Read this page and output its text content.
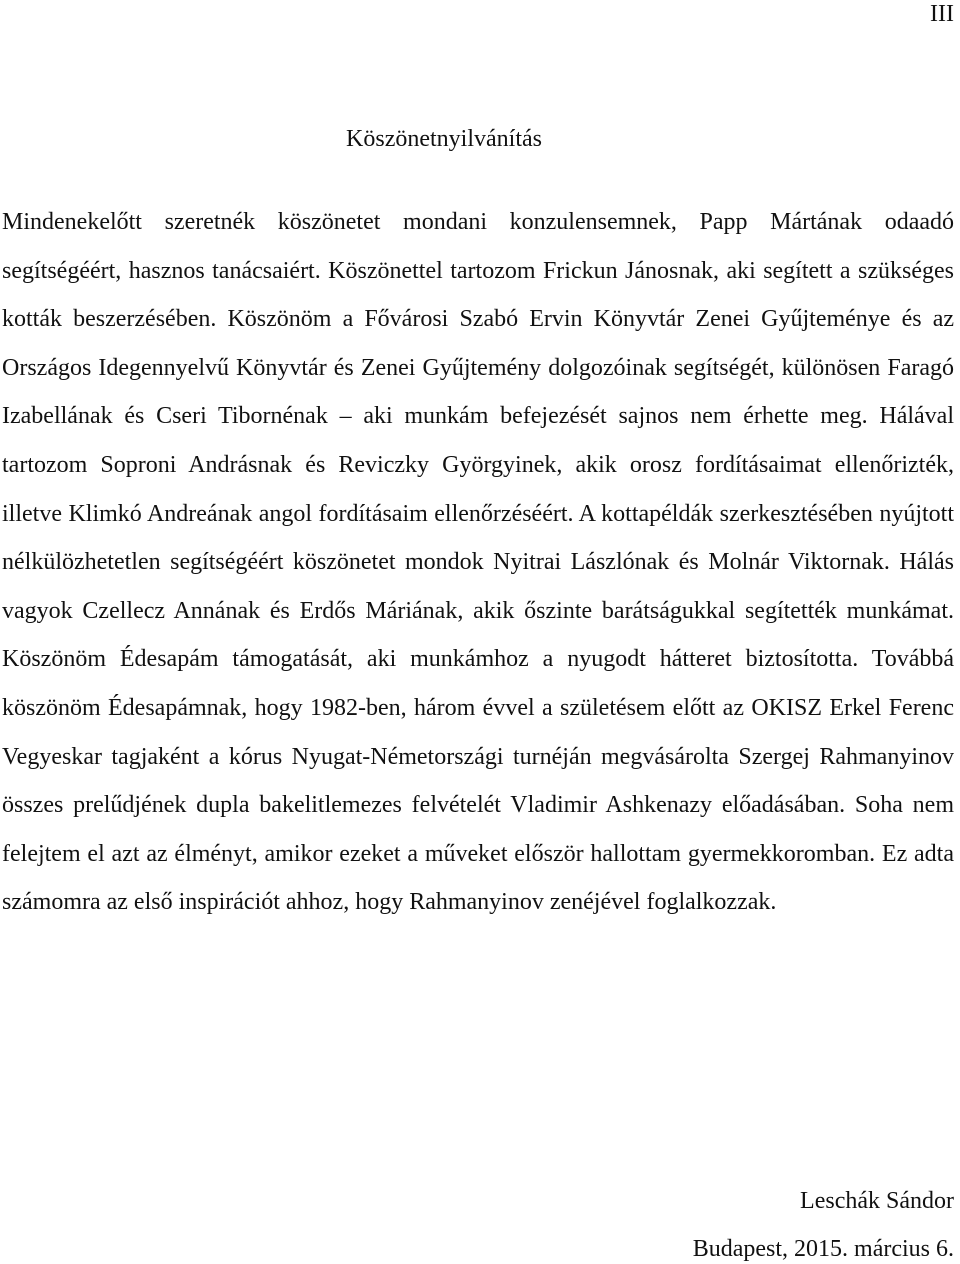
III
Köszönetnyilvánítás

Mindenekelőtt szeretnék köszönetet mondani konzulensemnek, Papp Mártának odaadó segítségéért, hasznos tanácsaiért. Köszönettel tartozom Frickun Jánosnak, aki segített a szükséges kották beszerzésében. Köszönöm a Fővárosi Szabó Ervin Könyvtár Zenei Gyűjteménye és az Országos Idegennyelvű Könyvtár és Zenei Gyűjtemény dolgozóinak segítségét, különösen Faragó Izabellának és Cseri Tibornénak – aki munkám befejezését sajnos nem érhette meg. Hálával tartozom Soproni Andrásnak és Reviczky Györgyinek, akik orosz fordításaimat ellenőrizték, illetve Klimkó Andreának angol fordításaim ellenőrzéséért. A kottapéldák szerkesztésében nyújtott nélkülözhetetlen segítségéért köszönetet mondok Nyitrai Lászlónak és Molnár Viktornak. Hálás vagyok Czellecz Annának és Erdős Máriának, akik őszinte barátságukkal segítették munkámat. Köszönöm Édesapám támogatását, aki munkámhoz a nyugodt hátteret biztosította. Továbbá köszönöm Édesapámnak, hogy 1982-ben, három évvel a születésem előtt az OKISZ Erkel Ferenc Vegyeskar tagjaként a kórus Nyugat-Németországi turnéján megvásárolta Szergej Rahmanyinov összes prelűdjének dupla bakelitlemezes felvételét Vladimir Ashkenazy előadásában. Soha nem felejtem el azt az élményt, amikor ezeket a műveket először hallottam gyermekkoromban. Ez adta számomra az első inspirációt ahhoz, hogy Rahmanyinov zenéjével foglalkozzak.

Leschák Sándor
Budapest, 2015. március 6.
